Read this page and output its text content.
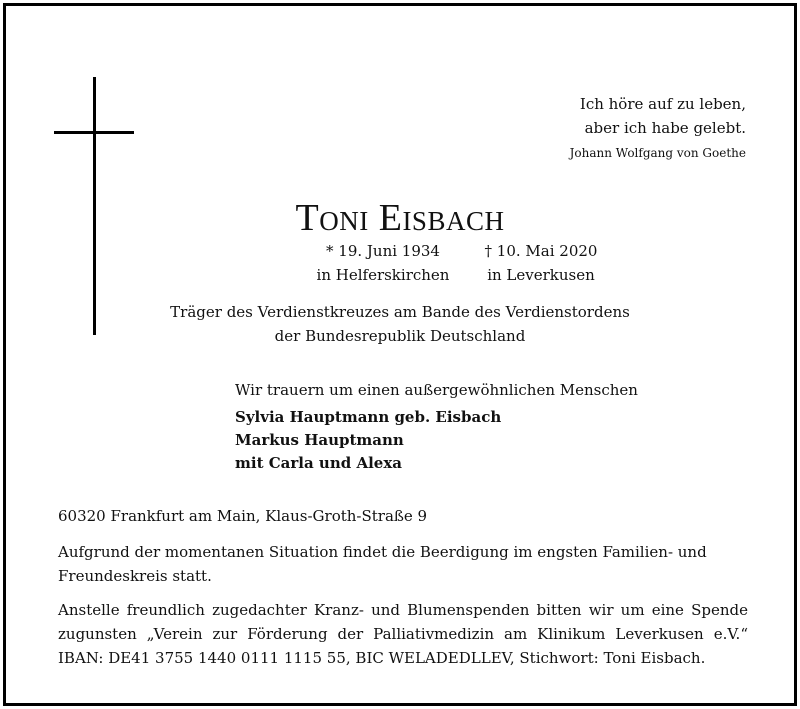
Ich höre auf zu leben,
aber ich habe gelebt.
Johann Wolfgang von Goethe
Toni Eisbach
* 19. Juni 1934
in Helferskirchen
† 10. Mai 2020
in Leverkusen
Träger des Verdienstkreuzes am Bande des Verdienstordens
der Bundesrepublik Deutschland
Wir trauern um einen außergewöhnlichen Menschen
Sylvia Hauptmann geb. Eisbach
Markus Hauptmann
mit Carla und Alexa
60320 Frankfurt am Main, Klaus-Groth-Straße 9
Aufgrund der momentanen Situation findet die Beerdigung im engsten Familien- und Freundeskreis statt.
Anstelle freundlich zugedachter Kranz- und Blumenspenden bitten wir um eine Spende zugunsten „Verein zur Förderung der Palliativmedizin am Klinikum Leverkusen e.V.“ IBAN: DE41 3755 1440 0111 1115 55, BIC WELADEDLLEV, Stichwort: Toni Eisbach.
